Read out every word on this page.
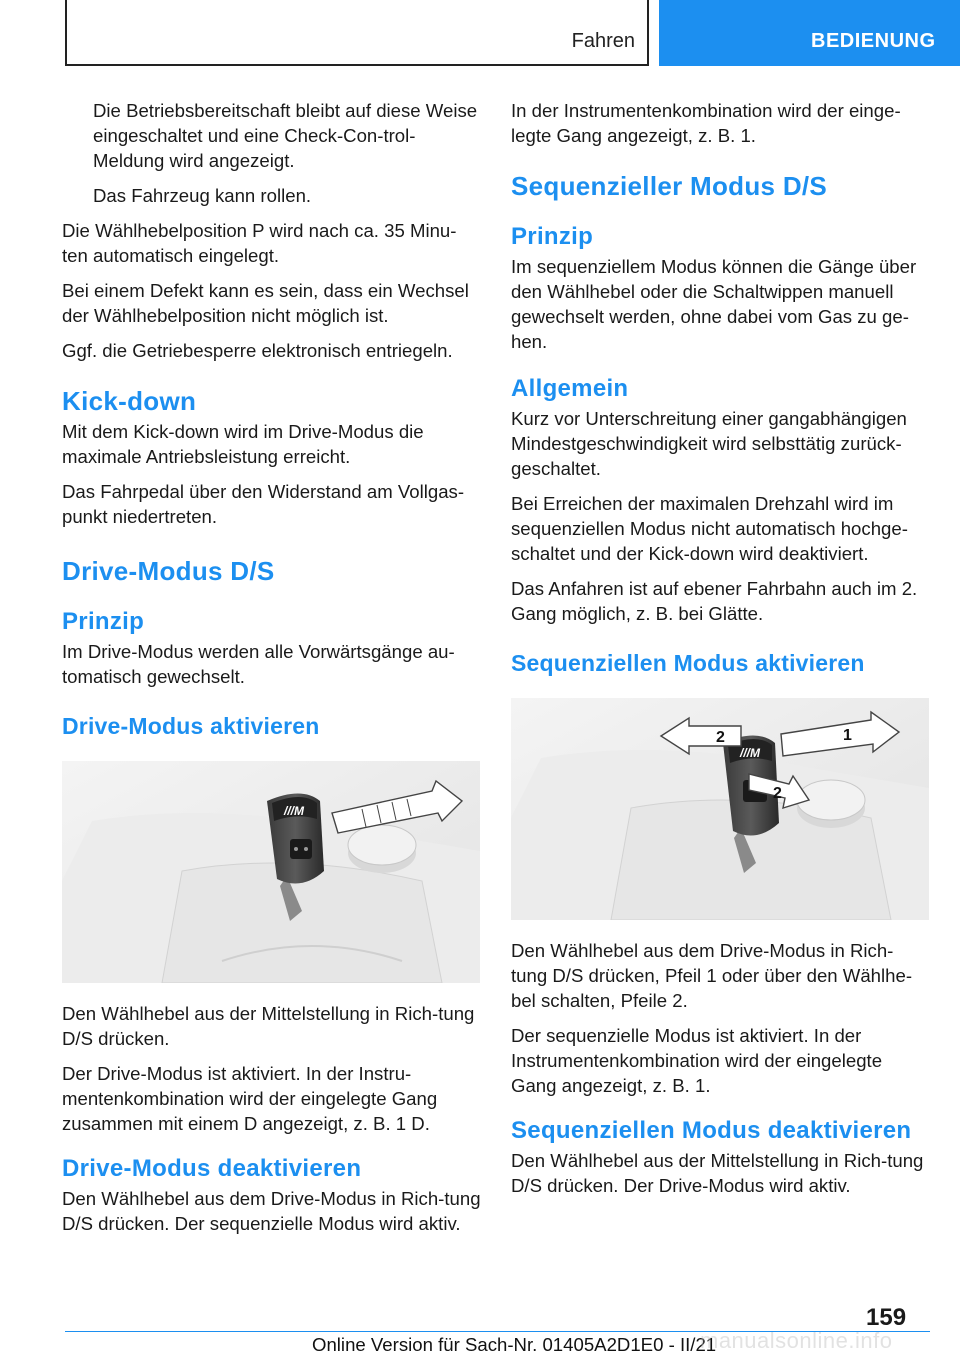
Fahren	BEDIENUNG

Die Betriebsbereitschaft bleibt auf diese Weise eingeschaltet und eine Check-Con‐trol-Meldung wird angezeigt.

Das Fahrzeug kann rollen.

Die Wählhebelposition P wird nach ca. 35 Minu‐ten automatisch eingelegt.

Bei einem Defekt kann es sein, dass ein Wechsel der Wählhebelposition nicht möglich ist.

Ggf. die Getriebesperre elektronisch entriegeln.

Kick-down

Mit dem Kick-down wird im Drive-Modus die maximale Antriebsleistung erreicht.

Das Fahrpedal über den Widerstand am Vollgas‐punkt niedertreten.

Drive-Modus D/S
Prinzip

Im Drive-Modus werden alle Vorwärtsgänge au‐tomatisch gewechselt.

Drive-Modus aktivieren
///M

Den Wählhebel aus der Mittelstellung in Rich‐tung D/S drücken.

Der Drive-Modus ist aktiviert. In der Instru‐mentenkombination wird der eingelegte Gang zusammen mit einem D angezeigt, z. B. 1 D.

Drive-Modus deaktivieren

Den Wählhebel aus dem Drive-Modus in Rich‐tung D/S drücken. Der sequenzielle Modus wird aktiv.

In der Instrumentenkombination wird der einge‐legte Gang angezeigt, z. B. 1.

Sequenzieller Modus D/S
Prinzip

Im sequenziellem Modus können die Gänge über den Wählhebel oder die Schaltwippen manuell gewechselt werden, ohne dabei vom Gas zu ge‐hen.

Allgemein

Kurz vor Unterschreitung einer gangabhängigen Mindestgeschwindigkeit wird selbsttätig zurück‐geschaltet.

Bei Erreichen der maximalen Drehzahl wird im sequenziellen Modus nicht automatisch hochge‐schaltet und der Kick-down wird deaktiviert.

Das Anfahren ist auf ebener Fahrbahn auch im 2. Gang möglich, z. B. bei Glätte.

Sequenziellen Modus aktivieren
///M
2	1
2

Den Wählhebel aus dem Drive-Modus in Rich‐tung D/S drücken, Pfeil 1 oder über den Wählhe‐bel schalten, Pfeile 2.

Der sequenzielle Modus ist aktiviert. In der Instrumentenkombination wird der eingelegte Gang angezeigt, z. B. 1.

Sequenziellen Modus deaktivieren

Den Wählhebel aus der Mittelstellung in Rich‐tung D/S drücken. Der Drive-Modus wird aktiv.

159
Online Version für Sach-Nr. 01405A2D1E0 - II/21
manualsonline.info
